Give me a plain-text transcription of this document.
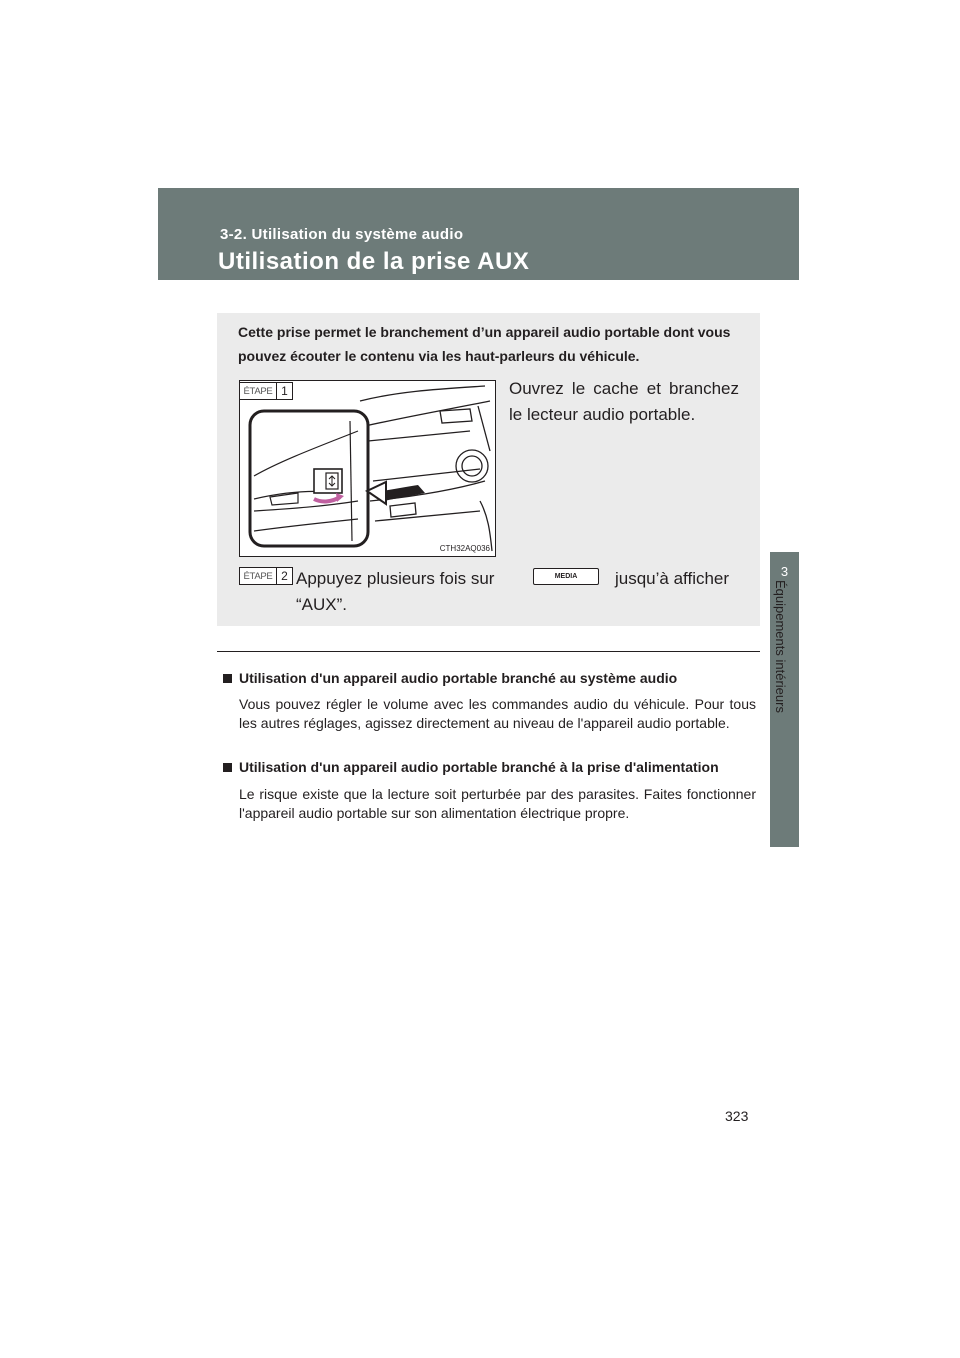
3-2. Utilisation du système audio
Utilisation de la prise AUX
3
Équipements intérieurs
Cette prise permet le branchement d’un appareil audio portable dont vous pouvez écouter le contenu via les haut-parleurs du véhicule.
CTH32AQ036
ÉTAPE 1	Ouvrez le cache et branchez le lecteur audio portable.
ÉTAPE 2 Appuyez plusieurs fois sur	jusqu’à afficher
“AUX”.
MEDIA
Utilisation d'un appareil audio portable branché au système audio
Vous pouvez régler le volume avec les commandes audio du véhicule. Pour tous les autres réglages, agissez directement au niveau de l'appareil audio portable.
Utilisation d'un appareil audio portable branché à la prise d'alimentation
Le risque existe que la lecture soit perturbée par des parasites. Faites fonctionner l'appareil audio portable sur son alimentation électrique propre.
323
